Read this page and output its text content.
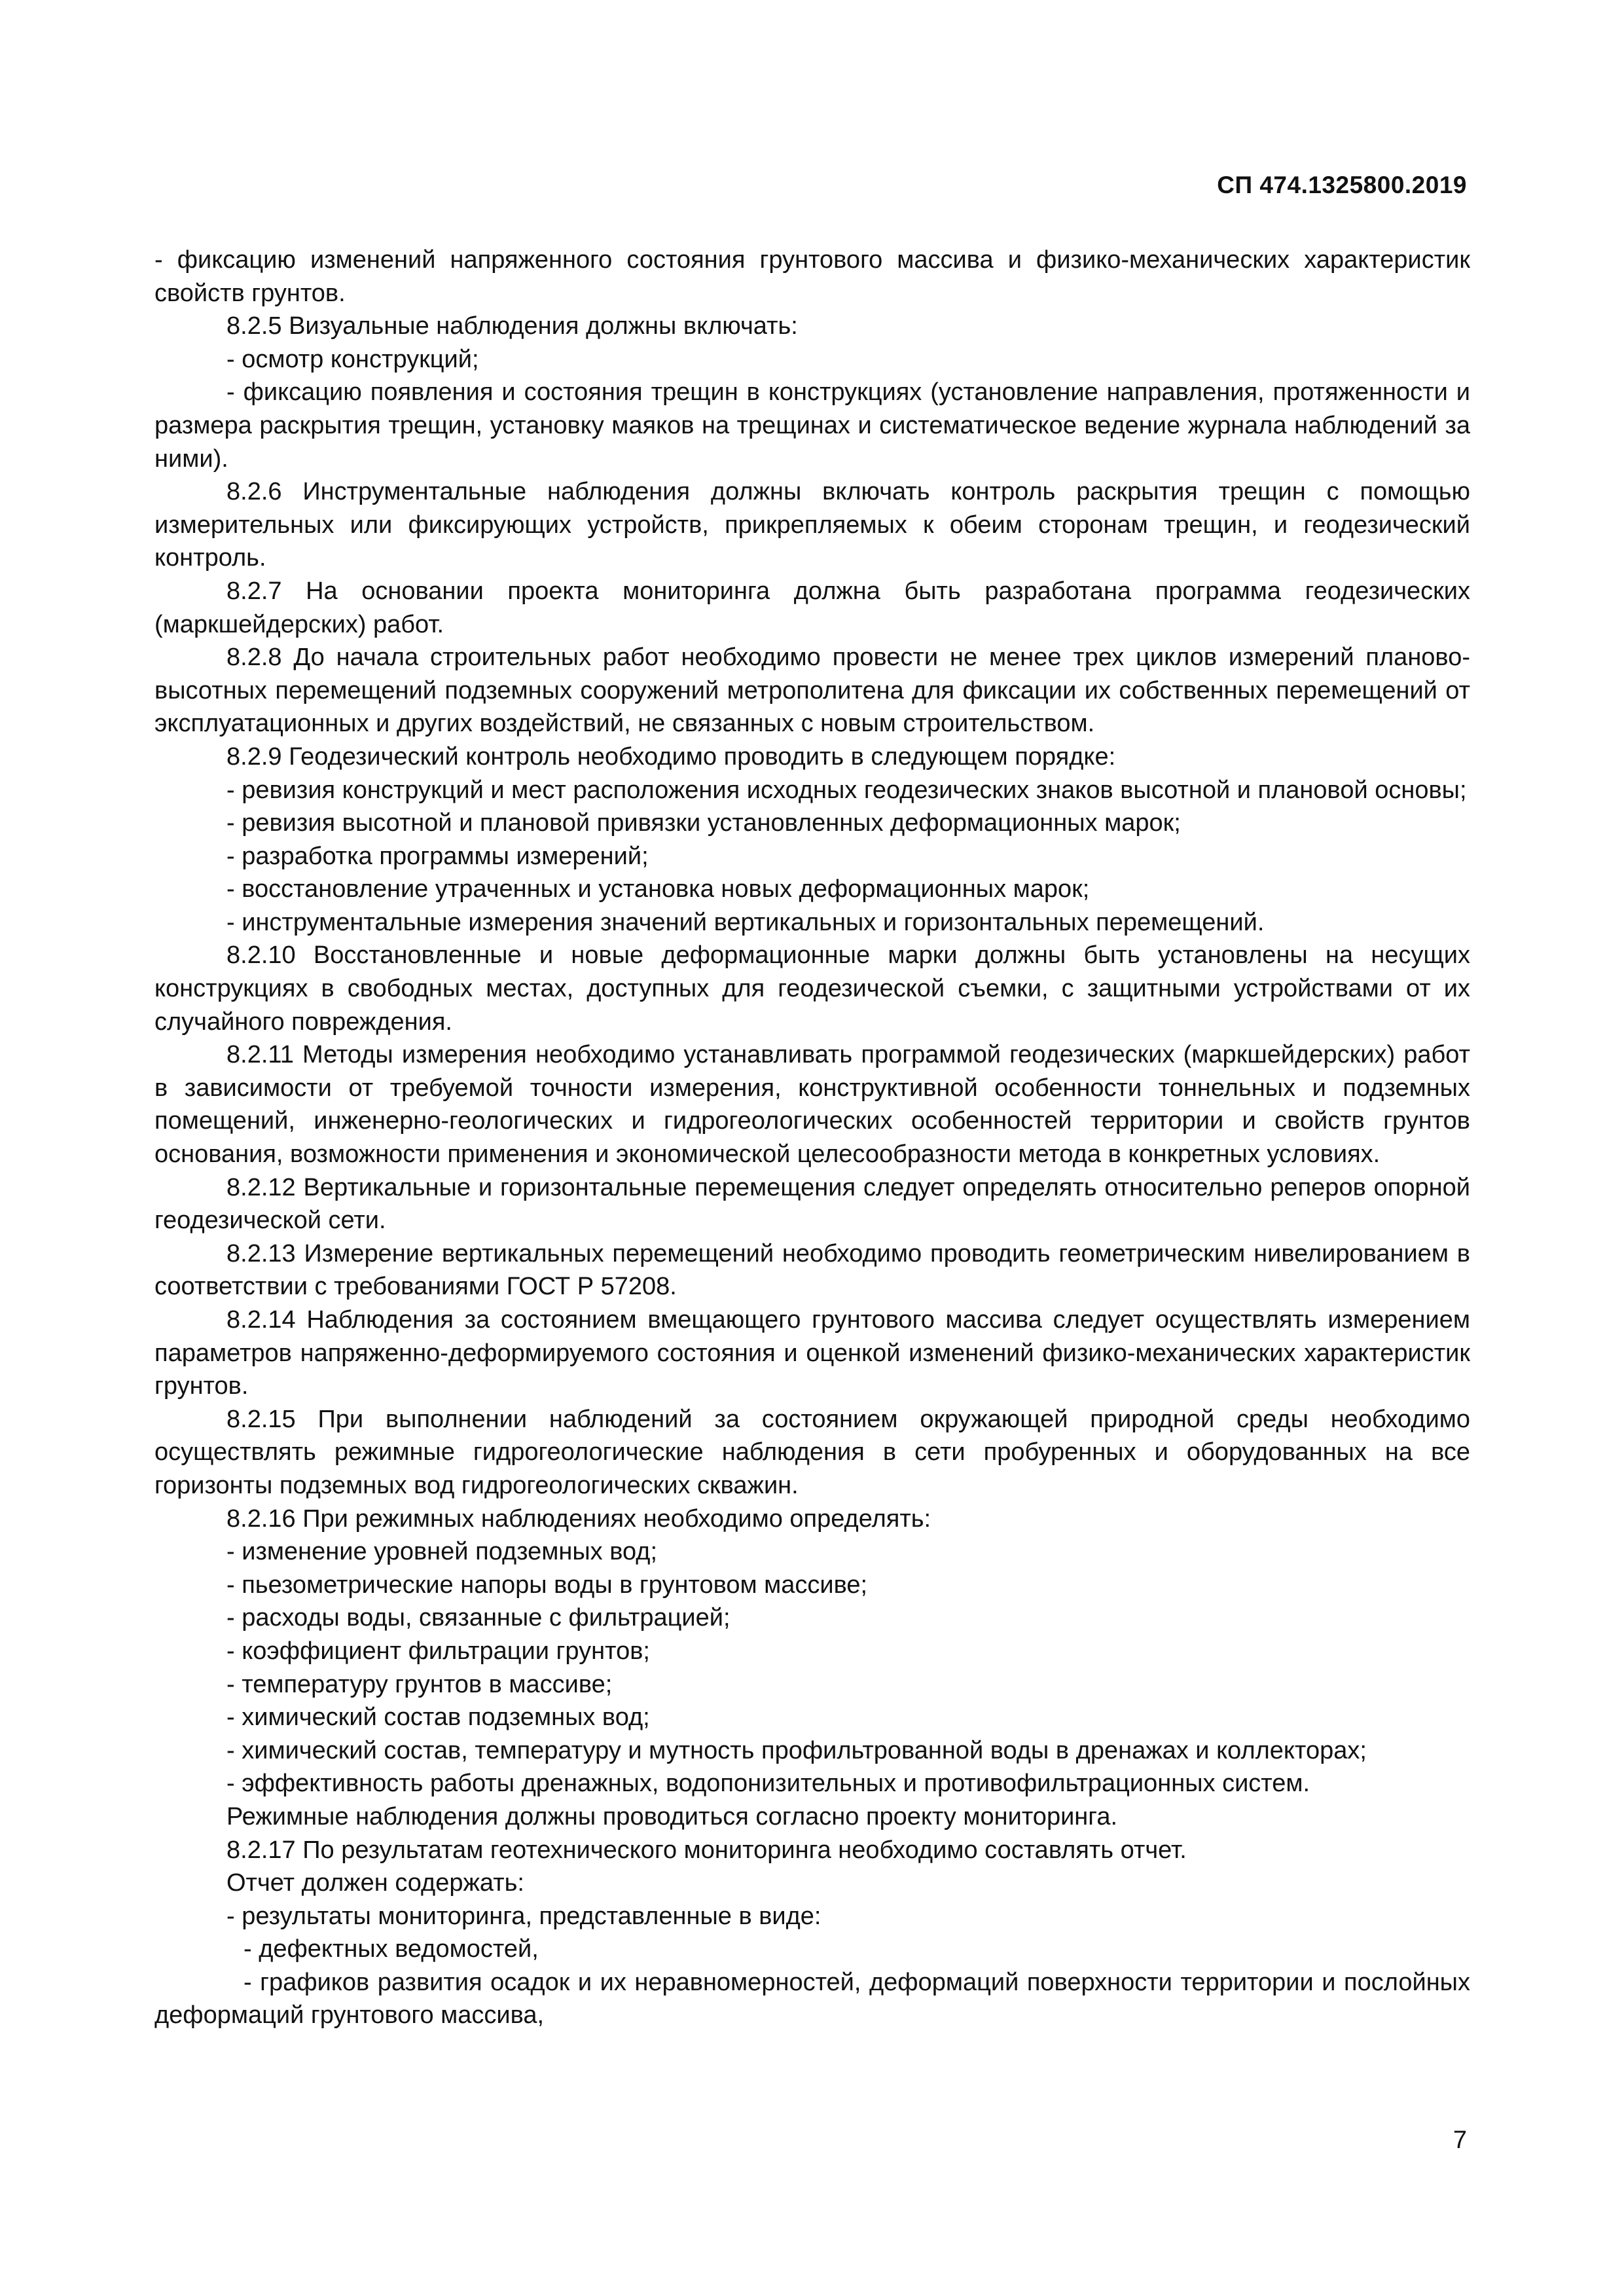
СП 474.1325800.2019

- фиксацию изменений напряженного состояния грунтового массива и физико-механических характеристик свойств грунтов.

8.2.5 Визуальные наблюдения должны включать:

- осмотр конструкций;

- фиксацию появления и состояния трещин в конструкциях (установление направления, протяженности и размера раскрытия трещин, установку маяков на трещинах и систематическое ведение журнала наблюдений за ними).

8.2.6 Инструментальные наблюдения должны включать контроль раскрытия трещин с помощью измерительных или фиксирующих устройств, прикрепляемых к обеим сторонам трещин, и геодезический контроль.

8.2.7 На основании проекта мониторинга должна быть разработана программа геодезических (маркшейдерских) работ.

8.2.8 До начала строительных работ необходимо провести не менее трех циклов измерений планово-высотных перемещений подземных сооружений метрополитена для фиксации их собственных перемещений от эксплуатационных и других воздействий, не связанных с новым строительством.

8.2.9 Геодезический контроль необходимо проводить в следующем порядке:

- ревизия конструкций и мест расположения исходных геодезических знаков высотной и плановой основы;

- ревизия высотной и плановой привязки установленных деформационных марок;

- разработка программы измерений;

- восстановление утраченных и установка новых деформационных марок;

- инструментальные измерения значений вертикальных и горизонтальных перемещений.

8.2.10 Восстановленные и новые деформационные марки должны быть установлены на несущих конструкциях в свободных местах, доступных для геодезической съемки, с защитными устройствами от их случайного повреждения.

8.2.11 Методы измерения необходимо устанавливать программой геодезических (маркшейдерских) работ в зависимости от требуемой точности измерения, конструктивной особенности тоннельных и подземных помещений, инженерно-геологических и гидрогеологических особенностей территории и свойств грунтов основания, возможности применения и экономической целесообразности метода в конкретных условиях.

8.2.12 Вертикальные и горизонтальные перемещения следует определять относительно реперов опорной геодезической сети.

8.2.13 Измерение вертикальных перемещений необходимо проводить геометрическим нивелированием в соответствии с требованиями ГОСТ Р 57208.

8.2.14 Наблюдения за состоянием вмещающего грунтового массива следует осуществлять измерением параметров напряженно-деформируемого состояния и оценкой изменений физико-механических характеристик грунтов.

8.2.15 При выполнении наблюдений за состоянием окружающей природной среды необходимо осуществлять режимные гидрогеологические наблюдения в сети пробуренных и оборудованных на все горизонты подземных вод гидрогеологических скважин.

8.2.16 При режимных наблюдениях необходимо определять:

- изменение уровней подземных вод;

- пьезометрические напоры воды в грунтовом массиве;

- расходы воды, связанные с фильтрацией;

- коэффициент фильтрации грунтов;

- температуру грунтов в массиве;

- химический состав подземных вод;

- химический состав, температуру и мутность профильтрованной воды в дренажах и коллекторах;

- эффективность работы дренажных, водопонизительных и противофильтрационных систем.

Режимные наблюдения должны проводиться согласно проекту мониторинга.

8.2.17 По результатам геотехнического мониторинга необходимо составлять отчет.

Отчет должен содержать:

- результаты мониторинга, представленные в виде:

- дефектных ведомостей,

- графиков развития осадок и их неравномерностей, деформаций поверхности территории и послойных деформаций грунтового массива,

7
